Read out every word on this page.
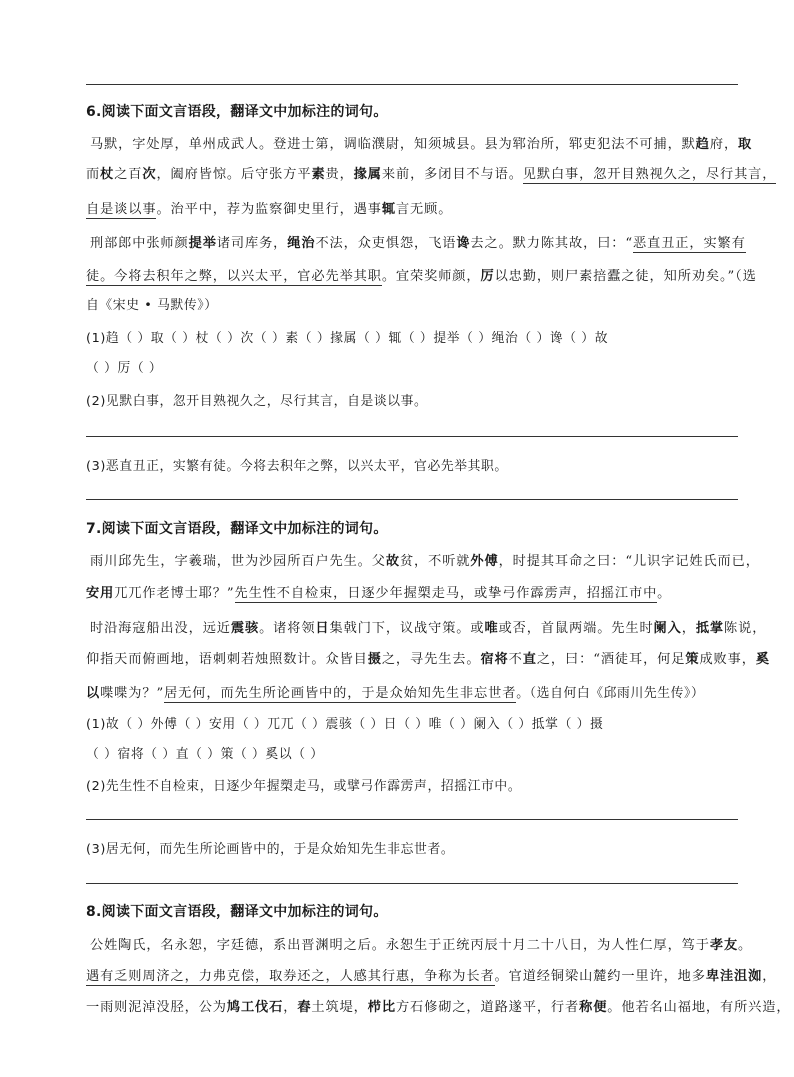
6.阅读下面文言语段，翻译文中加标注的词句。
马默，字处厚，单州成武人。登进士第，调临濮尉，知须城县。县为郓治所，郓吏犯法不可捕，默趋府，取
而杖之百次，阖府皆惊。后守张方平素贵，掾属来前，多闭目不与语。见默白事，忽开目熟视久之，尽行其言，
自是谈以事。治平中，荐为监察御史里行，遇事辄言无顾。
刑部郎中张师颜提举诸司库务，绳治不法，众吏惧怨，飞语谗去之。默力陈其故，曰：“恶直丑正，实繁有
徒。今将去积年之弊，以兴太平，官必先举其职。宜荣奖师颜，厉以忠勤，则尸素掊蠹之徒，知所劝矣。”（选
自《宋史 • 马默传》）
(1)趋（ ）取（ ）杖（ ）次（ ）素（ ）掾属（ ）辄（ ）提举（ ）绳治（ ）谗（ ）故
（ ）厉（ ）
(2)见默白事，忽开目熟视久之，尽行其言，自是谈以事。
(3)恶直丑正，实繁有徒。今将去积年之弊，以兴太平，官必先举其职。
7.阅读下面文言语段，翻译文中加标注的词句。
雨川邱先生，字羲瑞，世为沙园所百户先生。父故贫，不听就外傅，时提其耳命之曰：“儿识字记姓氏而已，
安用兀兀作老博士耶？”先生性不自检束，日逐少年握槊走马，或挚弓作霹雳声，招摇江市中。
时沿海寇船出没，远近震骇。诸将领日集戟门下，议战守策。或唯或否，首鼠两端。先生时阑入，抵掌陈说，
仰指天而俯画地，语刺刺若烛照数计。众皆目摄之，寻先生去。宿将不直之，曰：“酒徒耳，何足策成败事，奚
以喋喋为？”居无何，而先生所论画皆中的，于是众始知先生非忘世者。（选自何白《邱雨川先生传》）
(1)故（ ）外傅（ ）安用（ ）兀兀（ ）震骇（ ）日（ ）唯（ ）阑入（ ）抵掌（ ）摄
（ ）宿将（ ）直（ ）策（ ）奚以（ ）
(2)先生性不自检束，日逐少年握槊走马，或擘弓作霹雳声，招摇江市中。
(3)居无何，而先生所论画皆中的，于是众始知先生非忘世者。
8.阅读下面文言语段，翻译文中加标注的词句。
公姓陶氏，名永恕，字廷德，系出晋渊明之后。永恕生于正统丙辰十月二十八日，为人性仁厚，笃于孝友。
遇有乏则周济之，力弗克偿，取券还之，人感其行惠，争称为长者。官道经铜梁山麓约一里许，地多卑洼沮洳，
一雨则泥淖没胫，公为鸠工伐石，舂土筑堤，栉比方石修砌之，道路遂平，行者称便。他若名山福地，有所兴造，
